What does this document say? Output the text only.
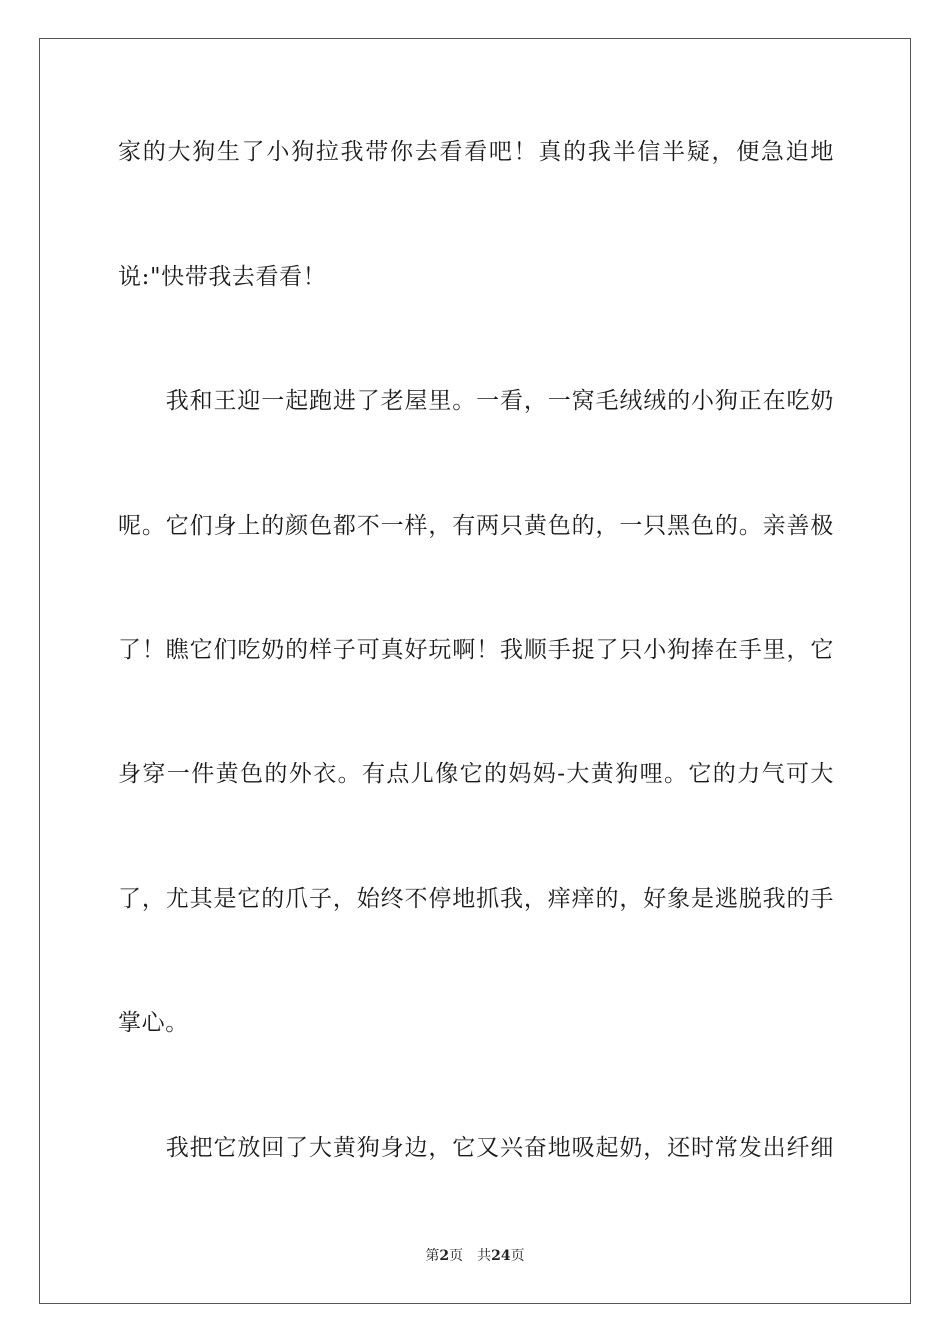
家的大狗生了小狗拉我带你去看看吧！真的我半信半疑，便急迫地
说:"快带我去看看！
　　我和王迎一起跑进了老屋里。一看，一窝毛绒绒的小狗正在吃奶
呢。它们身上的颜色都不一样，有两只黄色的，一只黑色的。亲善极
了！瞧它们吃奶的样子可真好玩啊！我顺手捉了只小狗捧在手里，它
身穿一件黄色的外衣。有点儿像它的妈妈-大黄狗哩。它的力气可大
了，尤其是它的爪子，始终不停地抓我，痒痒的，好象是逃脱我的手
掌心。
　　我把它放回了大黄狗身边，它又兴奋地吸起奶，还时常发出纤细
第2页 共24页
